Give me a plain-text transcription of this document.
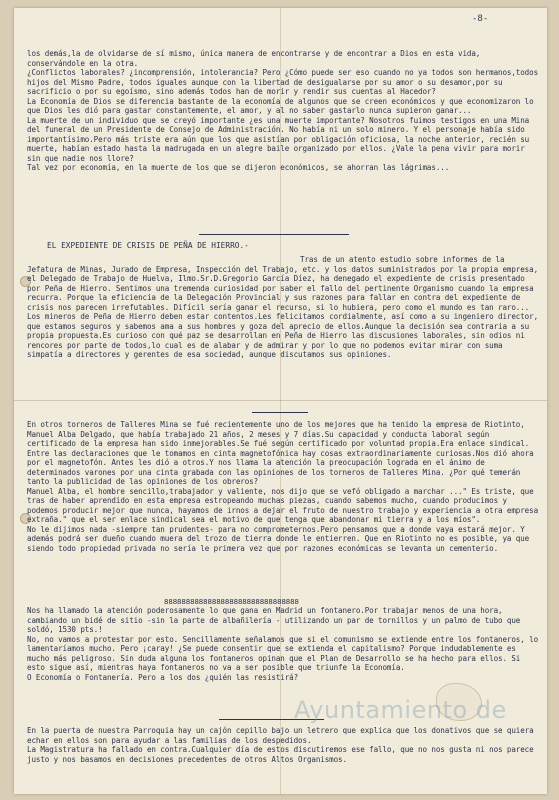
-8-
los demás,la de olvidarse de sí mismo, única manera de encontrarse y de encontrar a Dios en esta vida, conservándole en la otra.
¿Conflictos laborales? ¿incomprensión, intolerancia? Pero ¿Cómo puede ser eso cuando no ya todos son hermanos,todos hijos del Mismo Padre, todos iguales aunque con la libertad de desigualarse por su amor o su desamor,por su sacrificio o por su egoísmo, sino además todos han de morir y rendir sus cuentas al Hacedor?
La Economía de Dios se diferencia bastante de la economía de algunos que se creen económicos y que economizaron lo que Dios les dió para gastar constantemente, el amor, y al no saber gastarlo nunca supieron ganar...
La muerte de un individuo que se creyó importante ¿es una muerte importante? Nosotros fuimos testigos en una Mina del funeral de un Presidente de Consejo de Administración. No había ni un solo minero. Y el personaje había sido importantísimo.Pero más triste era aún que los que asistían por obligación oficiosa, la noche anterior, recién su muerte, habían estado hasta la madrugada en un alegre baile organizado por ellos. ¿Vale la pena vivir para morir sin que nadie nos llore?
Tal vez por economía, en la muerte de los que se dijeron económicos, se ahorran las lágrimas...
EL EXPEDIENTE DE CRISIS DE PEÑA DE HIERRO.-
Tras de un atento estudio sobre informes de la Jefatura de Minas, Jurado de Empresa, Inspección del Trabajo, etc. y los datos suministrados por la propia empresa, el Delegado de Trabajo de Huelva, Ilmo.Sr.D.Gregorio García Díez, ha denegado el expediente de crisis presentado por Peña de Hierro. Sentimos una tremenda curiosidad por saber el fallo del pertinente Organismo cuando la empresa recurra. Porque la eficiencia de la Delegación Provincial y sus razones para fallar en contra del expediente de crisis nos parecen irrefutables. Difícil sería ganar el recurso, si lo hubiera, pero como el mundo es tan raro...
Los mineros de Peña de Hierro deben estar contentos.Les felicitamos cordialmente, así como a su ingeniero director, que estamos seguros y sabemos ama a sus hombres y goza del aprecio de ellos.Aunque la decisión sea contraria a su propia propuesta.Es curioso con qué paz se desarrollan en Peña de Hierro las discusiones laborales, sin odios ni rencores por parte de todos,lo cual es de alabar y de admirar y por lo que no podemos evitar mirar con suma simpatía a directores y gerentes de esa sociedad, aunque discutamos sus opiniones.
En otros torneros de Talleres Mina se fué recientemente uno de los mejores que ha tenido la empresa de Riotinto, Manuel Alba Delgado, que había trabajado 21 años, 2 meses y 7 días.Su capacidad y conducta laboral según certificado de la empresa han sido inmejorables.Se fué según certificado por voluntad propia.Era enlace sindical. Entre las declaraciones que le tomamos en cinta magnetofónica hay cosas extraordinariamente curiosas.Nos dió ahora por el magnetofón. Antes les dió a otros.Y nos llama la atención la preocupación lograda en el ánimo de determinados varones por una cinta grabada con las opiniones de los torneros de Talleres Mina. ¿Por qué temerán tanto la publicidad de las opiniones de los obreros?
Manuel Alba, el hombre sencillo,trabajador y valiente, nos dijo que se vefó obligado a marchar ..." Es triste, que tras de haber aprendido en esta empresa estropeando muchas piezas, cuando sabemos mucho, cuando producimos y podemos producir mejor que nunca, hayamos de irnos a dejar el fruto de nuestro trabajo y experiencia a otra empresa extraña." que el ser enlace sindical sea el motivo de que tenga que abandonar mi tierra y a los míos".
No le dijimos nada -siempre tan prudentes- para no comprometernos.Pero pensamos que a donde vaya estará mejor. Y además podrá ser dueño cuando muera del trozo de tierra donde le entierren. Que en Riotinto no es posible, ya que siendo todo propiedad privada no sería le primera vez que por razones económicas se levanta un cementerio.
8888888888888888888888888888888
Nos ha llamado la atención poderosamente lo que gana en Madrid un fontanero.Por trabajar menos de una hora, cambiando un bidé de sitio -sin la parte de albañilería - utilizando un par de tornillos y un palmo de tubo que soldó, 1530 pts.!
No, no vamos a protestar por esto. Sencillamente señalamos que si el comunismo se extiende entre los fontaneros, lo lamentaríamos mucho. Pero ¡caray! ¿Se puede consentir que se extienda el capitalismo? Porque indudablemente es mucho más peligroso. Sin duda alguna los fontaneros opinan que el Plan de Desarrollo se ha hecho para ellos. Si esto sigue así, mientras haya fontaneros no va a ser posible que triunfe la Economía.
O Economía o Fontanería. Pero a los dos ¿quién las resistirá?
Ayuntamiento de
En la puerta de nuestra Parroquia hay un cajón cepillo bajo un letrero que explica que los donativos que se quiera echar en ellos son para ayudar a las familias de los despedidos.
La Magistratura ha fallado en contra.Cualquier día de estos discutiremos ese fallo, que no nos gusta ni nos parece justo y nos basamos en decisiones precedentes de otros Altos Organismos.
